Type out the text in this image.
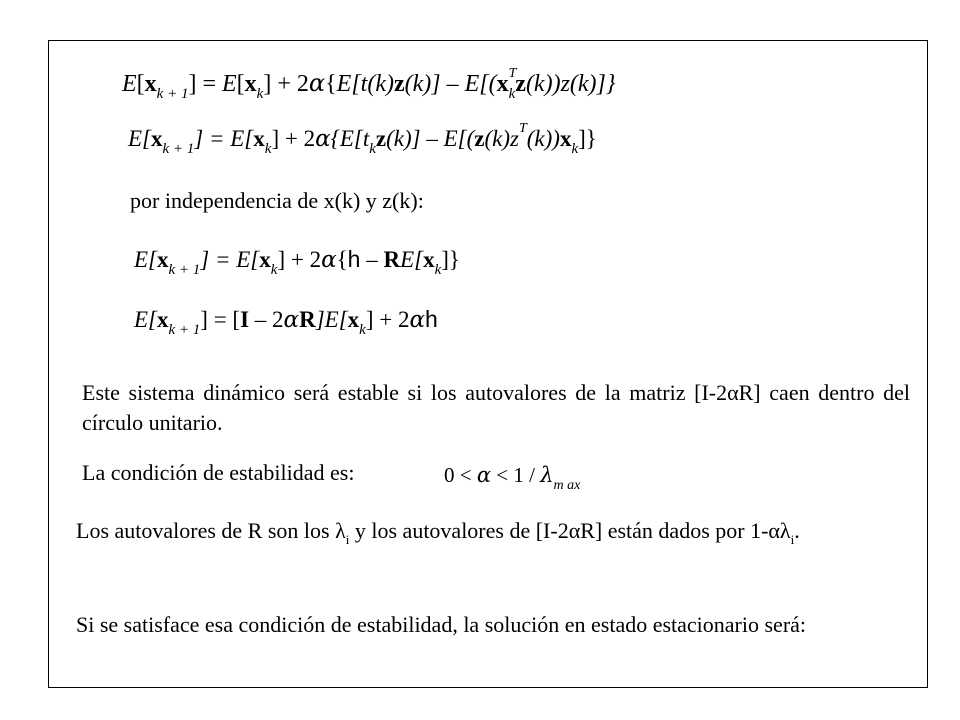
$E[x_{k + 1}] = E[x_k] + 2\alpha\{E[t(k)z(k)] - E[(x^T_kz(k))z(k)]\}$
$E[x_{k + 1}] = E[x_k] + 2\alpha\{E[t_kz(k)] - E[(z(k)z^T(k))x_k]\}$
por independencia de x(k) y z(k):
$E[x_{k + 1}] = E[x_k] + 2\alpha\{h - RE[x_k]\}$
$E[x_{k + 1}] = [I - 2\alpha R]E[x_k] + 2\alpha h$
Este sistema dinámico será estable si los autovalores de la matriz [I-2αR] caen dentro del círculo unitario.
La condición de estabilidad es:	$0 < \alpha < 1 / \lambda_{m ax}$
Los autovalores de R son los $\lambda_i$ y los autovalores de [I-2αR] están dados por $1-\alpha\lambda_i$.
Si se satisface esa condición de estabilidad, la solución en estado estacionario será:
